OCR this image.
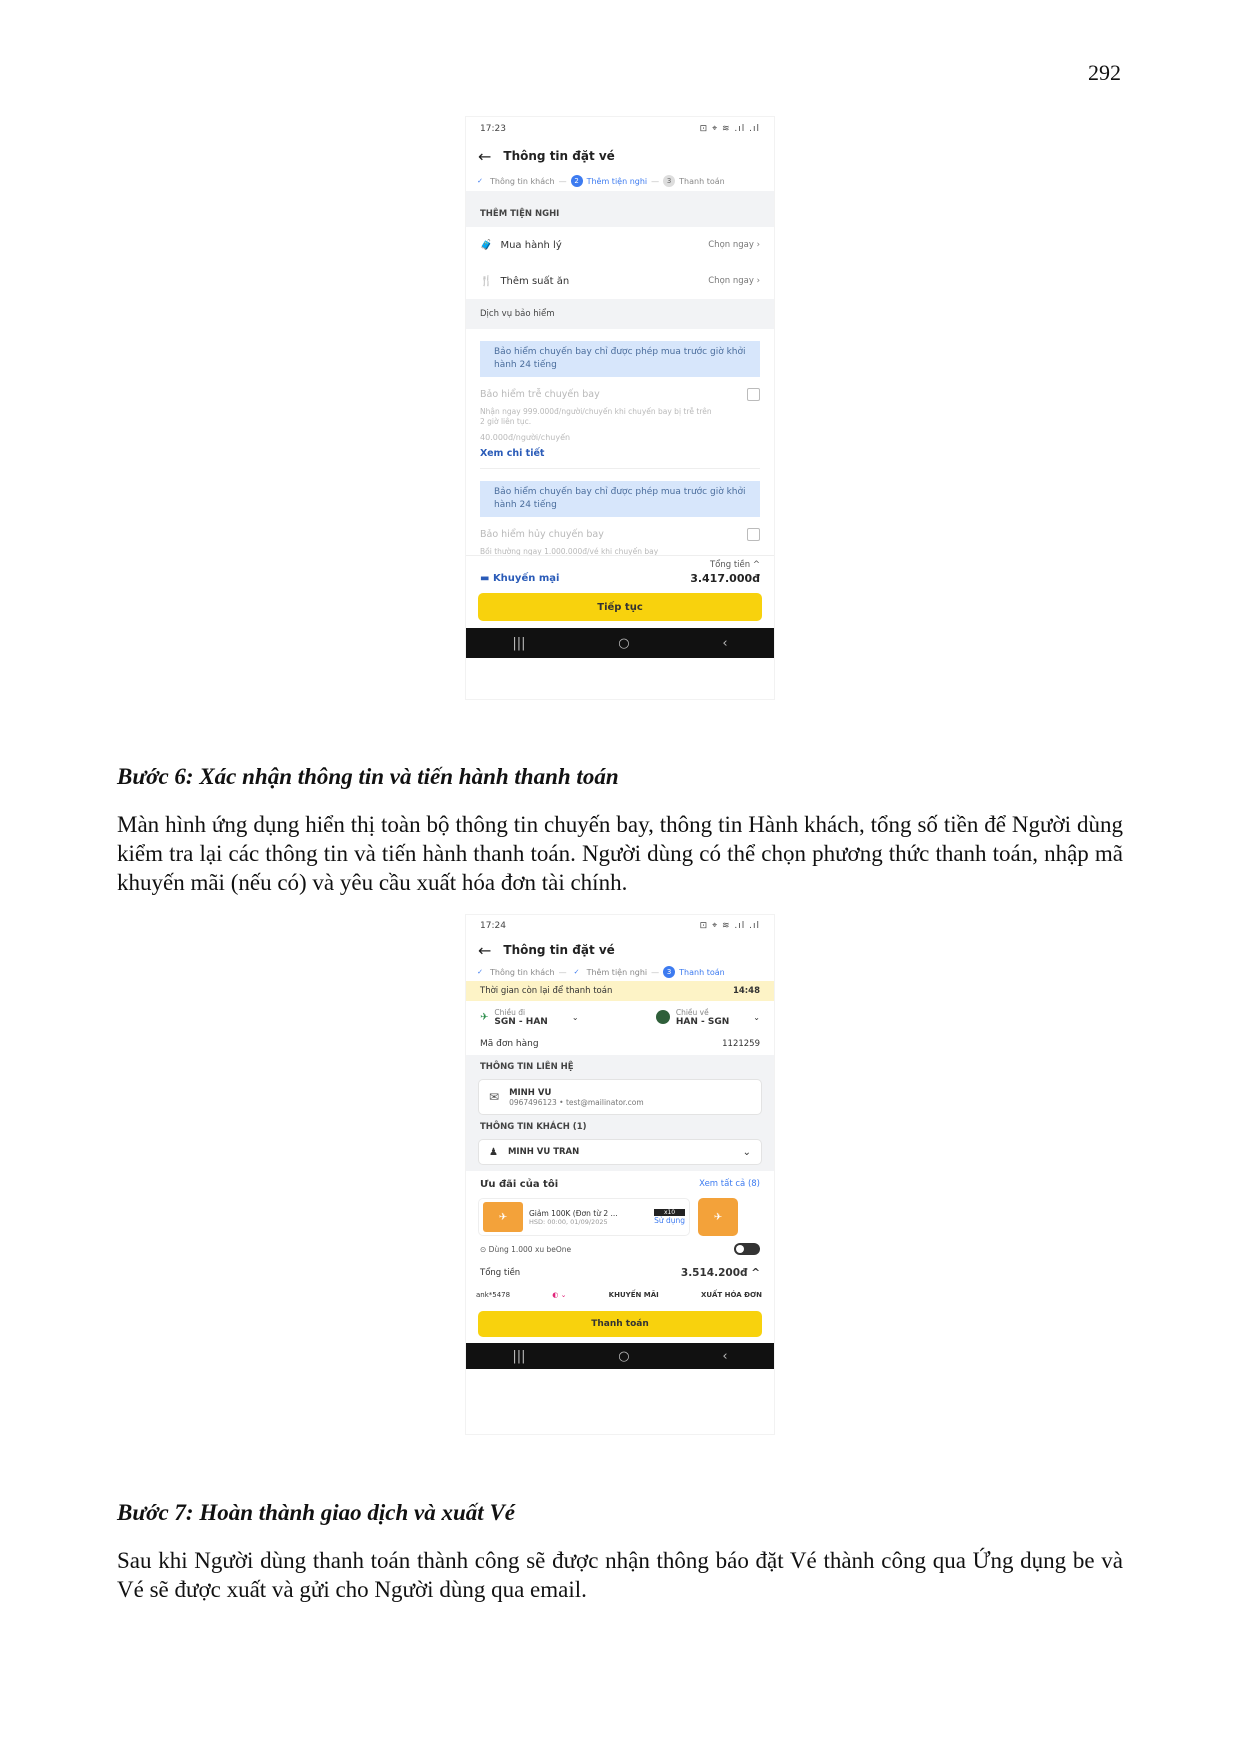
292
17:23	⊡ ⌖ ≋ .ıl .ıl
← Thông tin đặt vé
✓ Thông tin khách —	2 Thêm tiện nghi —	3 Thanh toán
THÊM TIỆN NGHI
🧳 Mua hành lý	Chọn ngay ›
🍴 Thêm suất ăn	Chọn ngay ›
Dịch vụ bảo hiểm
Bảo hiểm chuyến bay chỉ được phép mua trước giờ khởi hành 24 tiếng
Bảo hiểm trễ chuyến bay
Nhận ngay 999.000đ/người/chuyến khi chuyến bay bị trễ trên 2 giờ liên tục.
40.000đ/người/chuyến
Xem chi tiết
Bảo hiểm chuyến bay chỉ được phép mua trước giờ khởi hành 24 tiếng
Bảo hiểm hủy chuyến bay
Bồi thường ngay 1.000.000đ/vé khi chuyến bay
Tổng tiền ^
▬ Khuyến mại	3.417.000đ
Tiếp tục
|||	○	‹
Bước 6: Xác nhận thông tin và tiến hành thanh toán
Màn hình ứng dụng hiển thị toàn bộ thông tin chuyến bay, thông tin Hành khách, tổng số tiền để Người dùng kiểm tra lại các thông tin và tiến hành thanh toán. Người dùng có thể chọn phương thức thanh toán, nhập mã khuyến mãi (nếu có) và yêu cầu xuất hóa đơn tài chính.
17:24	⊡ ⌖ ≋ .ıl .ıl
← Thông tin đặt vé
✓ Thông tin khách —	✓ Thêm tiện nghi —	3 Thanh toán
Thời gian còn lại để thanh toán	14:48
✈ Chiều đi
SGN - HAN	⌄
Chiều về
HAN - SGN	⌄
Mã đơn hàng	1121259
THÔNG TIN LIÊN HỆ
✉ MINH VU
0967496123 • test@mailinator.com
THÔNG TIN KHÁCH (1)
♟ MINH VU TRAN	⌄
Ưu đãi của tôi	Xem tất cả (8)
✈	Giảm 100K (Đơn từ 2 ...
HSD: 00:00, 01/09/2025
x10
Sử dụng	✈
⊙ Dùng 1.000 xu beOne
Tổng tiền	3.514.200đ ^
ank*5478	◐ ⌄	KHUYẾN MÃI	XUẤT HÓA ĐƠN
Thanh toán
|||	○	‹
Bước 7: Hoàn thành giao dịch và xuất Vé
Sau khi Người dùng thanh toán thành công sẽ được nhận thông báo đặt Vé thành công qua Ứng dụng be và Vé sẽ được xuất và gửi cho Người dùng qua email.
